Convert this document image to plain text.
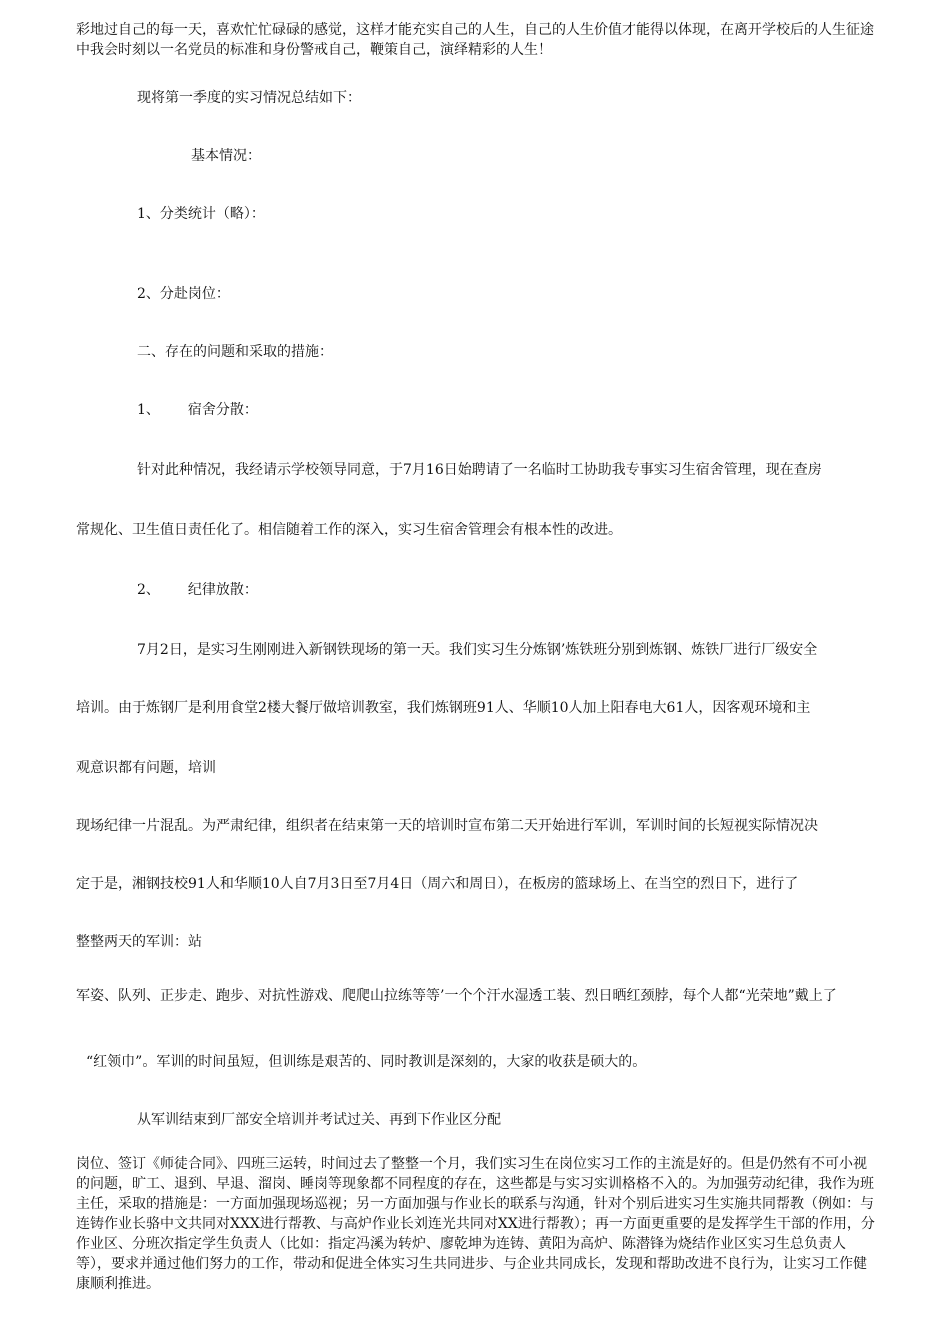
彩地过自己的每一天，喜欢忙忙碌碌的感觉，这样才能充实自己的人生，自己的人生价值才能得以体现，在离开学校后的人生征途中我会时刻以一名党员的标准和身份警戒自己，鞭策自己，演绎精彩的人生！

现将第一季度的实习情况总结如下：

基本情况：

1、分类统计（略）：

2、分赴岗位：

二、存在的问题和采取的措施：

1、 宿舍分散：

针对此种情况，我经请示学校领导同意，于7月16日始聘请了一名临时工协助我专事实习生宿舍管理，现在查房

常规化、卫生值日责任化了。相信随着工作的深入，实习生宿舍管理会有根本性的改进。

2、 纪律放散：

7月2日，是实习生刚刚进入新钢铁现场的第一天。我们实习生分炼钢’炼铁班分别到炼钢、炼铁厂进行厂级安全

培训。由于炼钢厂是利用食堂2楼大餐厅做培训教室，我们炼钢班91人、华顺10人加上阳春电大61人，因客观环境和主

观意识都有问题，培训

现场纪律一片混乱。为严肃纪律，组织者在结束第一天的培训时宣布第二天开始进行军训，军训时间的长短视实际情况决

定于是，湘钢技校91人和华顺10人自7月3日至7月4日（周六和周日），在板房的篮球场上、在当空的烈日下，进行了

整整两天的军训：站

军姿、队列、正步走、跑步、对抗性游戏、爬爬山拉练等等’一个个汗水湿透工装、烈日晒红颈脖，每个人都“光荣地”戴上了

“红领巾”。军训的时间虽短，但训练是艰苦的、同时教训是深刻的，大家的收获是硕大的。

从军训结束到厂部安全培训并考试过关、再到下作业区分配

岗位、签订《师徒合同》、四班三运转，时间过去了整整一个月，我们实习生在岗位实习工作的主流是好的。但是仍然有不可小视的问题，旷工、退到、早退、溜岗、睡岗等现象都不同程度的存在，这些都是与实习实训格格不入的。为加强劳动纪律，我作为班主任，采取的措施是：一方面加强现场巡视；另一方面加强与作业长的联系与沟通，针对个别后进实习生实施共同帮教（例如：与连铸作业长骆中文共同对XXX进行帮教、与高炉作业长刘连光共同对XX进行帮教）；再一方面更重要的是发挥学生干部的作用，分作业区、分班次指定学生负责人（比如：指定冯溪为转炉、廖乾坤为连铸、黄阳为高炉、陈潜锋为烧结作业区实习生总负责人等），要求并通过他们努力的工作，带动和促进全体实习生共同进步、与企业共同成长，发现和帮助改进不良行为，让实习工作健康顺利推进。
